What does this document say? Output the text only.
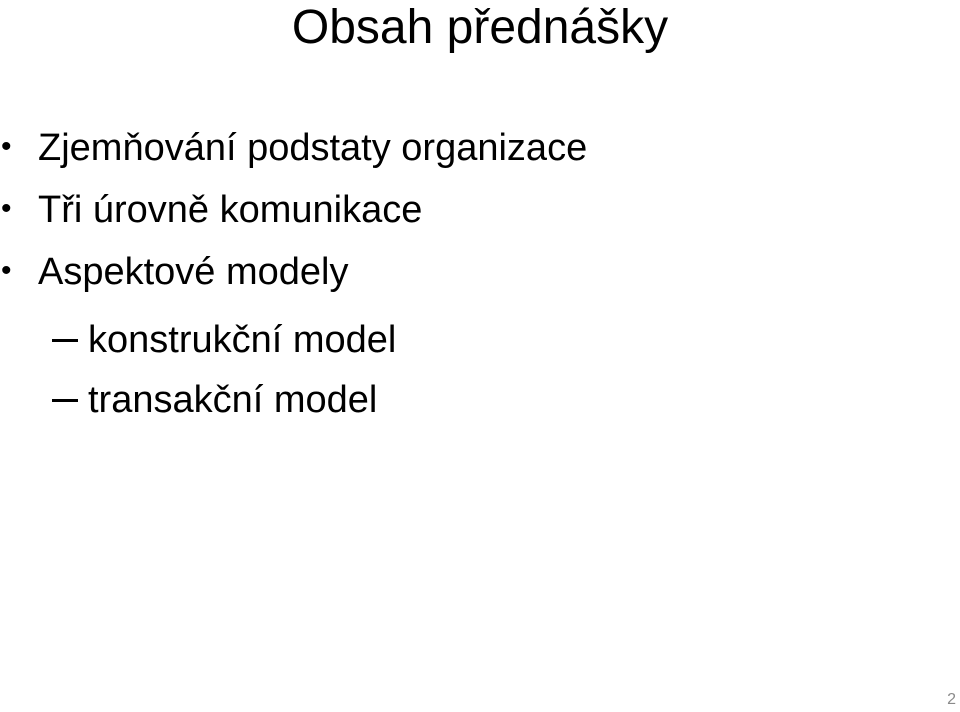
Obsah přednášky
• Zjemňování podstaty organizace
• Tři úrovně komunikace
• Aspektové modely
konstrukční model
transakční model
2
